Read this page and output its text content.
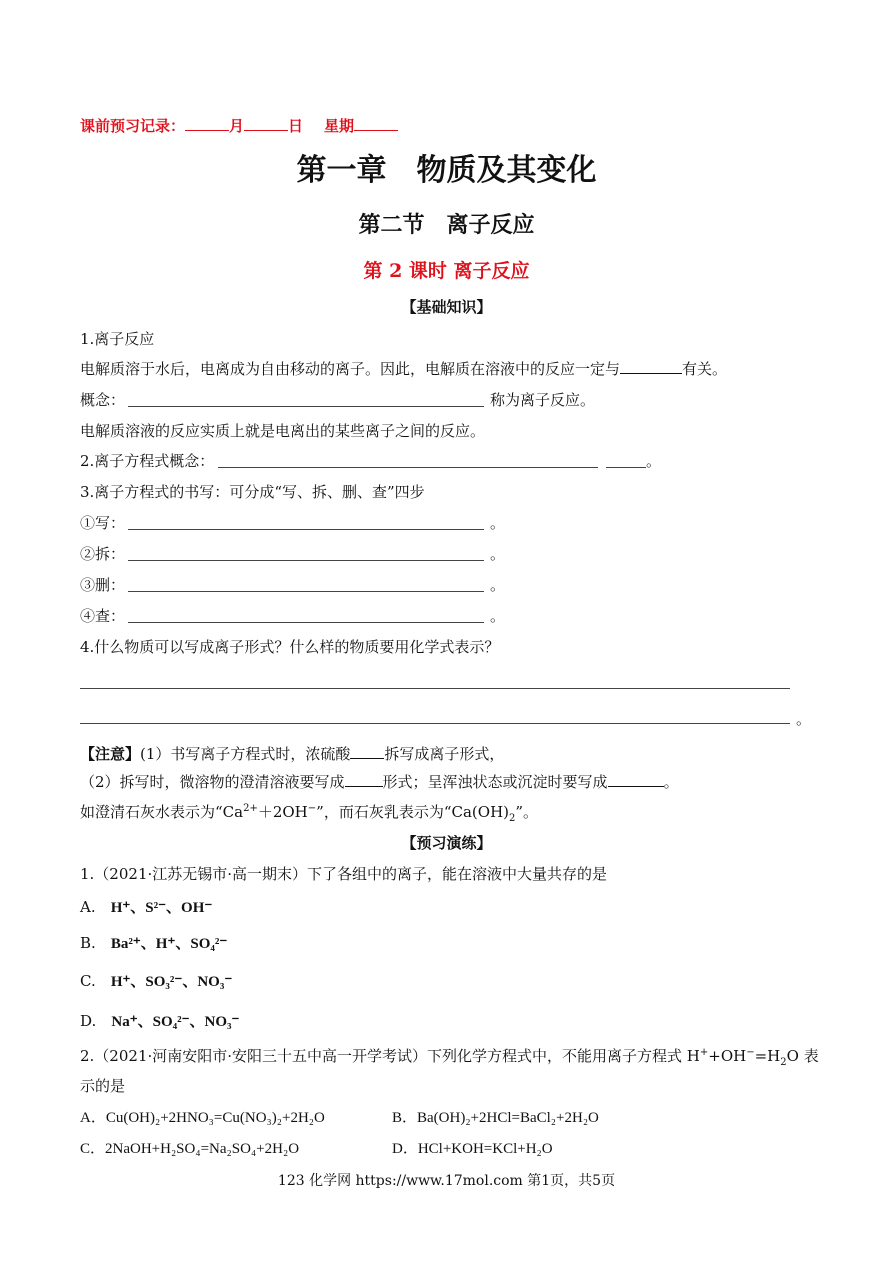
课前预习记录：	月	日 星期
第一章　物质及其变化
第二节　离子反应
第 2 课时 离子反应
【基础知识】
1.离子反应
电解质溶于水后，电离成为自由移动的离子。因此，电解质在溶液中的反应一定与	有关。
概念：	称为离子反应。
电解质溶液的反应实质上就是电离出的某些离子之间的反应。
2.离子方程式概念：	。
3.离子方程式的书写：可分成“写、拆、删、查”四步
①写：	。
②拆：	。
③删：	。
④查：	。
4.什么物质可以写成离子形式？什么样的物质要用化学式表示？
。
【注意】(1）书写离子方程式时，浓硫酸 拆写成离子形式，
（2）拆写时，微溶物的澄清溶液要写成	形式；呈浑浊状态或沉淀时要写成	。
如澄清石灰水表示为“$Ca^{2+}+2OH^-$”，而石灰乳表示为“$Ca(OH)_2$”。
【预习演练】
1.（2021·江苏无锡市·高一期末）下了各组中的离子，能在溶液中大量共存的是
A. H⁺、S²⁻、OH⁻
B. Ba²⁺、H⁺、SO₄²⁻
C. H⁺、SO₃²⁻、NO₃⁻
D. Na⁺、SO₄²⁻、NO₃⁻
2.（2021·河南安阳市·安阳三十五中高一开学考试）下列化学方程式中，不能用离子方程式 $H^++OH^-=H_2O$ 表
示的是
A．Cu(OH)₂+2HNO₃=Cu(NO₃)₂+2H₂O	B．Ba(OH)₂+2HCl=BaCl₂+2H₂O
C．2NaOH+H₂SO₄=Na₂SO₄+2H₂O	D．HCl+KOH=KCl+H₂O
123 化学网 https://www.17mol.com 第1页，共5页
